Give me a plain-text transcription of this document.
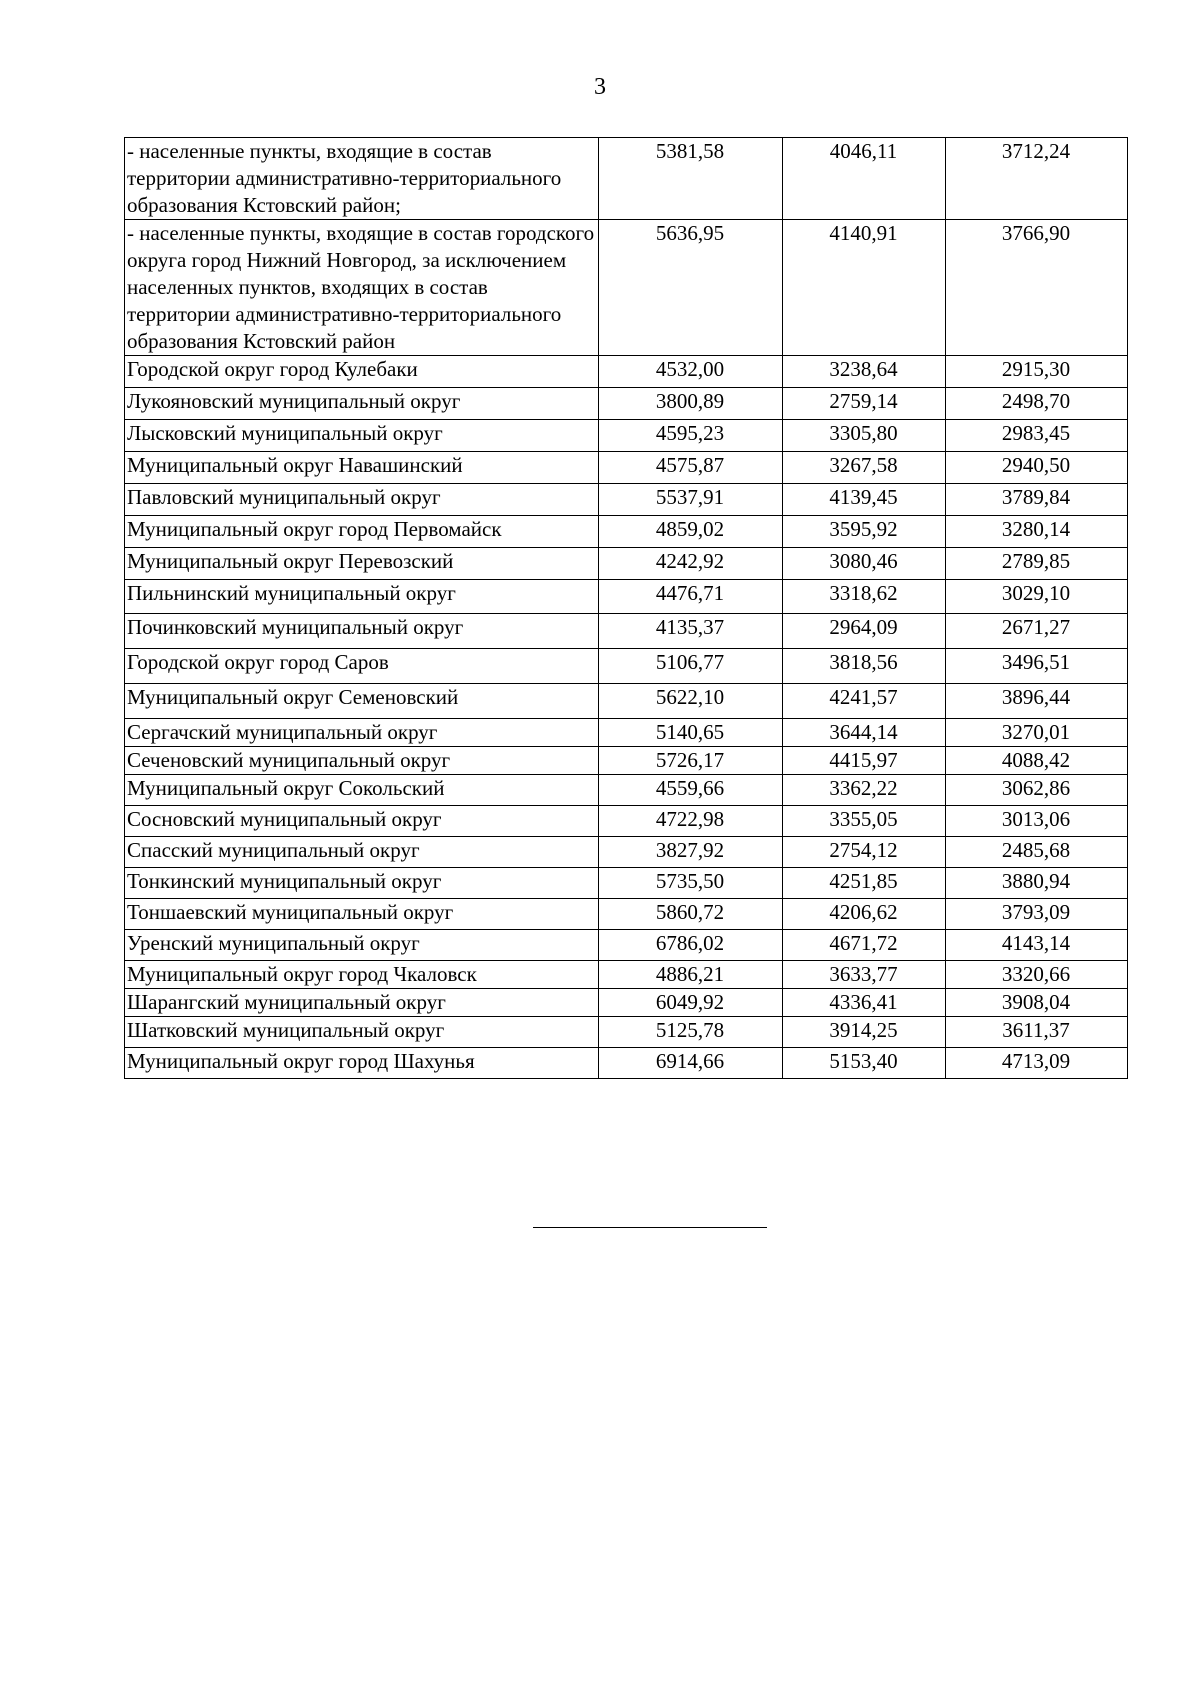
3
- населенные пункты, входящие в состав территории административно-территориального образования Кстовский район;	5381,58	4046,11	3712,24
- населенные пункты, входящие в состав городского округа город Нижний Новгород, за исключением населенных пунктов, входящих в состав территории административно-территориального образования Кстовский район	5636,95	4140,91	3766,90
Городской округ город Кулебаки	4532,00	3238,64	2915,30
Лукояновский муниципальный округ	3800,89	2759,14	2498,70
Лысковский муниципальный округ	4595,23	3305,80	2983,45
Муниципальный округ Навашинский	4575,87	3267,58	2940,50
Павловский муниципальный округ	5537,91	4139,45	3789,84
Муниципальный округ город Первомайск	4859,02	3595,92	3280,14
Муниципальный округ Перевозский	4242,92	3080,46	2789,85
Пильнинский муниципальный округ	4476,71	3318,62	3029,10
Починковский муниципальный округ	4135,37	2964,09	2671,27
Городской округ город Саров	5106,77	3818,56	3496,51
Муниципальный округ Семеновский	5622,10	4241,57	3896,44
Сергачский муниципальный округ	5140,65	3644,14	3270,01
Сеченовский муниципальный округ	5726,17	4415,97	4088,42
Муниципальный округ Сокольский	4559,66	3362,22	3062,86
Сосновский муниципальный округ	4722,98	3355,05	3013,06
Спасский муниципальный округ	3827,92	2754,12	2485,68
Тонкинский муниципальный округ	5735,50	4251,85	3880,94
Тоншаевский муниципальный округ	5860,72	4206,62	3793,09
Уренский муниципальный округ	6786,02	4671,72	4143,14
Муниципальный округ город Чкаловск	4886,21	3633,77	3320,66
Шарангский муниципальный округ	6049,92	4336,41	3908,04
Шатковский муниципальный округ	5125,78	3914,25	3611,37
Муниципальный округ город Шахунья	6914,66	5153,40	4713,09
